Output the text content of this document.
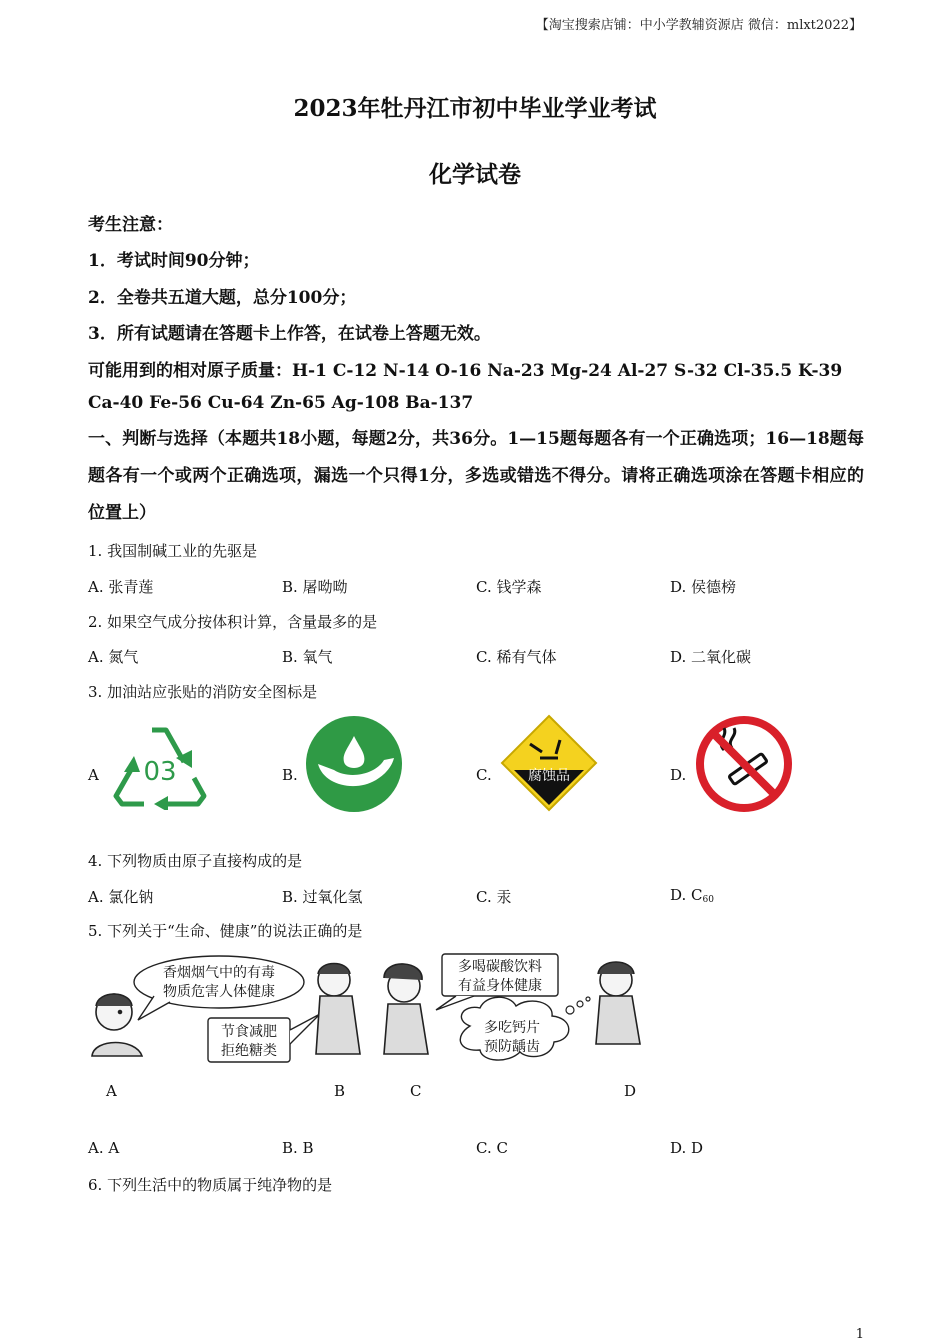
【淘宝搜索店铺：中小学教辅资源店 微信：mlxt2022】
2023年牡丹江市初中毕业学业考试
化学试卷
考生注意：
1．考试时间90分钟；
2．全卷共五道大题，总分100分；
3．所有试题请在答题卡上作答，在试卷上答题无效。
可能用到的相对原子质量：H-1 C-12 N-14 O-16 Na-23 Mg-24 Al-27 S-32 Cl-35.5 K-39
Ca-40 Fe-56 Cu-64 Zn-65 Ag-108 Ba-137
一、判断与选择（本题共18小题，每题2分，共36分。1—15题每题各有一个正确选项；16—18题每题各有一个或两个正确选项，漏选一个只得1分，多选或错选不得分。请将正确选项涂在答题卡相应的位置上）
1. 我国制碱工业的先驱是
A. 张青莲	B. 屠呦呦	C. 钱学森	D. 侯德榜
2. 如果空气成分按体积计算，含量最多的是
A. 氮气	B. 氧气	C. 稀有气体	D. 二氧化碳
3. 加油站应张贴的消防安全图标是
A 03	B.	C.	腐蚀品	D.
4. 下列物质由原子直接构成的是
A. 氯化钠	B. 过氧化氢	C. 汞	D. $C_{60}$
5. 下列关于“生命、健康”的说法正确的是
香烟烟气中的有毒
物质危害人体健康
节食减肥
拒绝糖类
多喝碳酸饮料
有益身体健康
多吃钙片
预防龋齿
A	B	C	D
A. A	B. B	C. C	D. D
6. 下列生活中的物质属于纯净物的是
1
